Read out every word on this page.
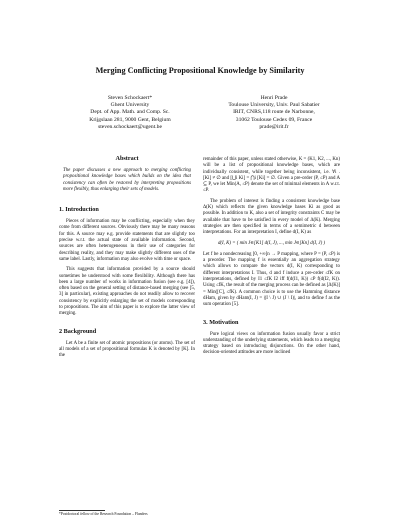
Merging Conflicting Propositional Knowledge by Similarity
Steven Schockaert*
Ghent University
Dept. of App. Math. and Comp. Sc.
Krijgslaan 281, 9000 Gent, Belgium
steven.schockaert@ugent.be
Henri Prade
Toulouse University, Univ. Paul Sabatier
IRIT, CNRS,118 route de Narbonne,
31062 Toulouse Cedex 09, France
prade@irit.fr
Abstract
The paper discusses a new approach to merging conflicting propositional knowledge bases which builds on the idea that consistency can often be restored by interpreting propositions more flexibly, thus enlarging their sets of models.
1. Introduction

Pieces of information may be conflicting, especially when they come from different sources. Obviously there may be many reasons for this. A source may e.g. provide statements that are slightly too precise w.r.t. the actual state of available information. Second, sources are often heterogeneous in their use of categories for describing reality, and they may make slightly different uses of the same label. Lastly, information may also evolve with time or space.

This suggests that information provided by a source should sometimes be understood with some flexibility. Although there has been a large number of works in information fusion (see e.g. [4]), often based on the general setting of distance-based merging (see [5, 3] in particular), existing approaches do not readily allow to recover consistency by explicitly enlarging the set of models corresponding to propositions. The aim of this paper is to explore the latter view of merging.

2 Background

Let A be a finite set of atomic propositions (or atoms). The set of all models of a set of propositional formulas K is denoted by [K]. In the

remainder of this paper, unless stated otherwise, K = (K1, K2, ..., Kn) will be a list of propositional knowledge bases, which are individually consistent, while together being inconsistent, i.e. ∀i . [Ki] ≠ ∅ and [⋃i Ki] = ⋂i [Ki] = ∅. Given a pre-order (P, ≤P) and A ⊆ P, we let Min(A, ≤P) denote the set of minimal elements in A w.r.t. ≤P.

The problem of interest is finding a consistent knowledge base Δ(K) which reflects the given knowledge bases Ki as good as possible. In addition to K, also a set of integrity constraints C may be available that have to be satisfied in every model of Δ(K). Merging strategies are then specified in terms of a semimetric d between interpretations. For an interpretation I, define d(I, K) as

d(I, K) = ( min J∈[K1] d(I, J), ..., min J∈[Kn] d(I, J) )

Let f be a nondecreasing [0, +∞[n → P mapping, where P = (P, ≤P) is a preorder. The mapping f is essentially an aggregation strategy which allows to compare the vectors d(I, K) corresponding to different interpretations I. Thus, d and f induce a pre-order ≤fK on interpretations, defined by I1 ≤fK I2 iff f(d(I1, K)) ≤P f(d(I2, K)). Using ≤fK, the result of the merging process can be defined as [Δ(K)] = Min([C], ≤fK). A common choice is to use the Hamming distance dHam, given by dHam(I, J) = |(I \ J) ∪ (J \ I)|, and to define f as the sum operation [5].

3. Motivation

Pure logical views on information fusion usually favor a strict understanding of the underlying statements, which leads to a merging strategy based on introducing disjunctions. On the other hand, decision-oriented attitudes are more inclined

*Postdoctoral fellow of the Research Foundation – Flanders
